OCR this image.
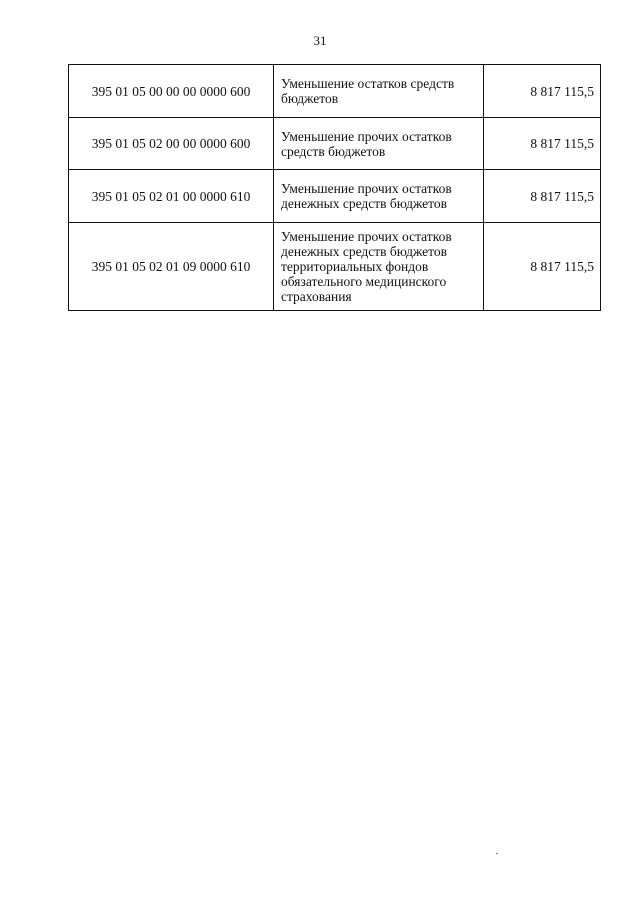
31
395 01 05 00 00 00 0000 600	Уменьшение остатков средств бюджетов	8 817 115,5
395 01 05 02 00 00 0000 600	Уменьшение прочих остатков средств бюджетов	8 817 115,5
395 01 05 02 01 00 0000 610	Уменьшение прочих остатков денежных средств бюджетов	8 817 115,5
395 01 05 02 01 09 0000 610	Уменьшение прочих остатков денежных средств бюджетов территориальных фондов обязательного медицинского страхования	8 817 115,5
